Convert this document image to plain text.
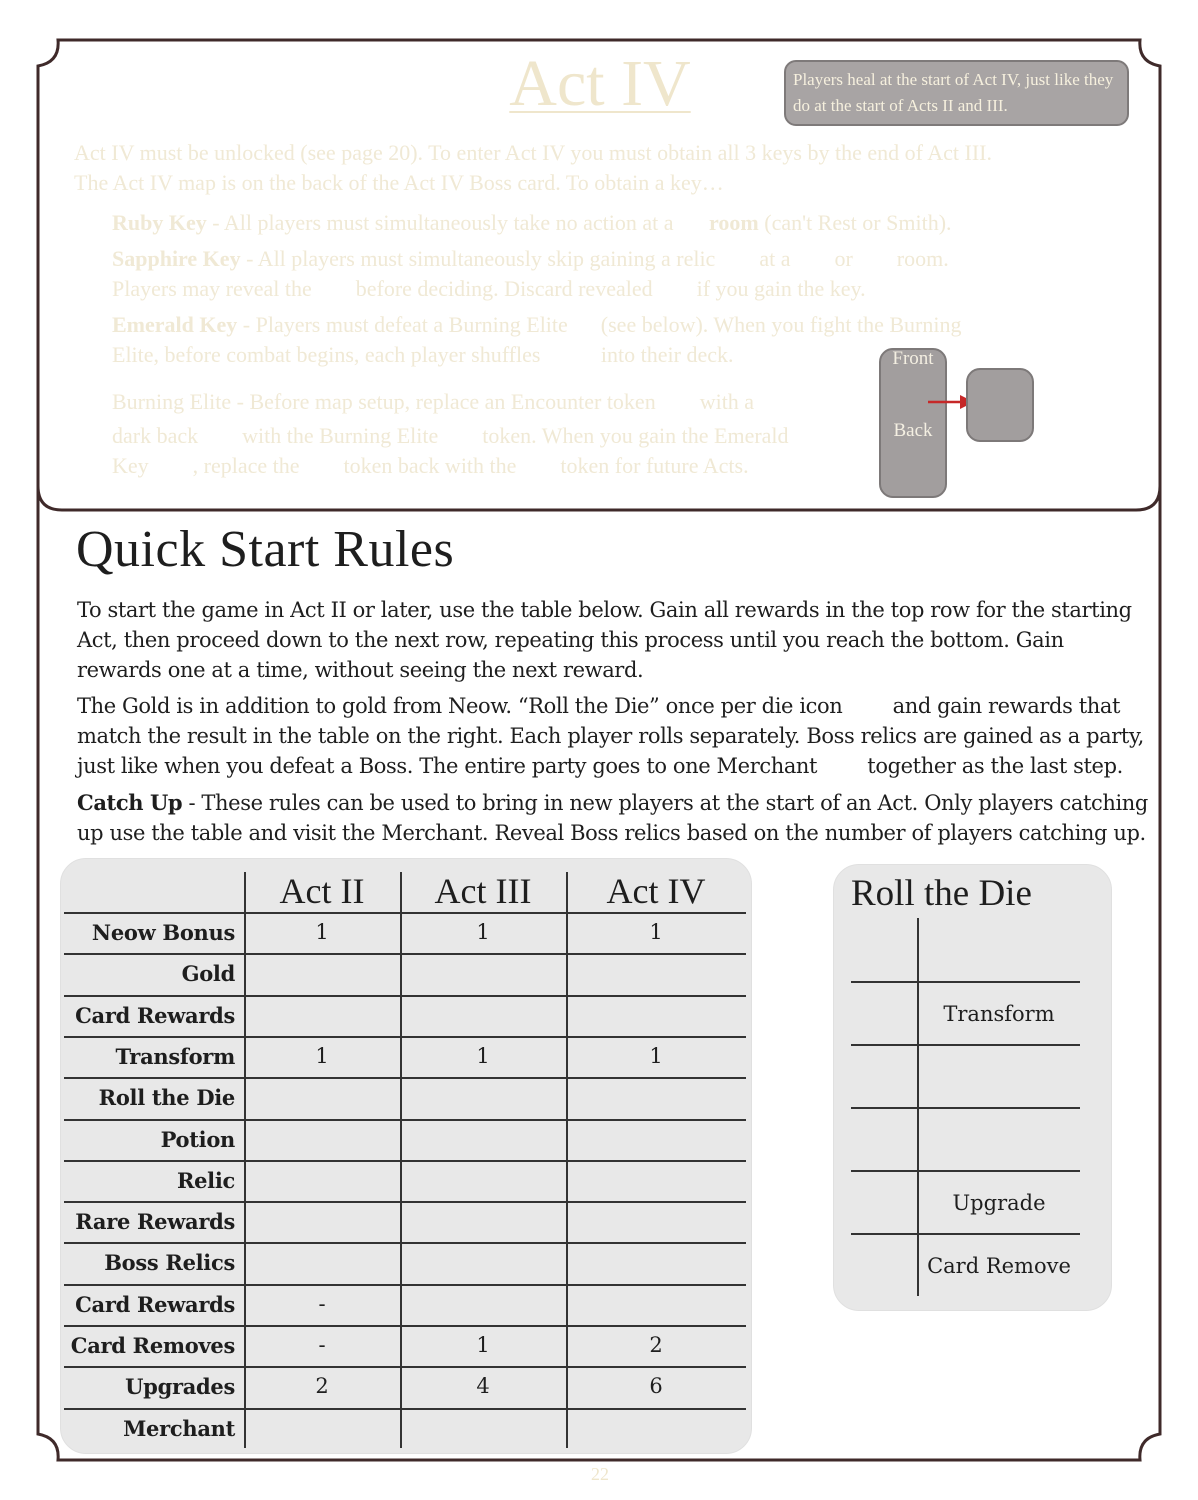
Act IV	Players heal at the start of Act IV, just like they do at the start of Acts II and III.
Act IV must be unlocked (see page 20). To enter Act IV you must obtain all 3 keys by the end of Act III.
The Act IV map is on the back of the Act IV Boss card. To obtain a key…
Ruby Key - All players must simultaneously take no action at a room (can't Rest or Smith).
Sapphire Key - All players must simultaneously skip gaining a relic        at a        or        room.
Players may reveal the        before deciding. Discard revealed        if you gain the key.
Emerald Key - Players must defeat a Burning Elite      (see below). When you fight the Burning
Elite, before combat begins, each player shuffles           into their deck.
Burning Elite - Before map setup, replace an Encounter token        with a
dark back        with the Burning Elite        token. When you gain the Emerald
Key        , replace the        token back with the        token for future Acts.
Front
Back
Quick Start Rules
To start the game in Act II or later, use the table below. Gain all rewards in the top row for the starting Act, then proceed down to the next row, repeating this process until you reach the bottom. Gain rewards one at a time, without seeing the next reward.
The Gold is in addition to gold from Neow. “Roll the Die” once per die icon        and gain rewards that match the result in the table on the right. Each player rolls separately. Boss relics are gained as a party, just like when you defeat a Boss. The entire party goes to one Merchant        together as the last step.
Catch Up - These rules can be used to bring in new players at the start of an Act. Only players catching up use the table and visit the Merchant. Reveal Boss relics based on the number of players catching up.
Act II	Act III	Act IV
Neow Bonus	1	1	1
Gold
Card Rewards
Transform	1	1	1
Roll the Die
Potion
Relic
Rare Rewards
Boss Relics
Card Rewards	-
Card Removes	-	1	2
Upgrades	2	4	6
Merchant
Roll the Die
Transform
Upgrade
Card Remove
22
